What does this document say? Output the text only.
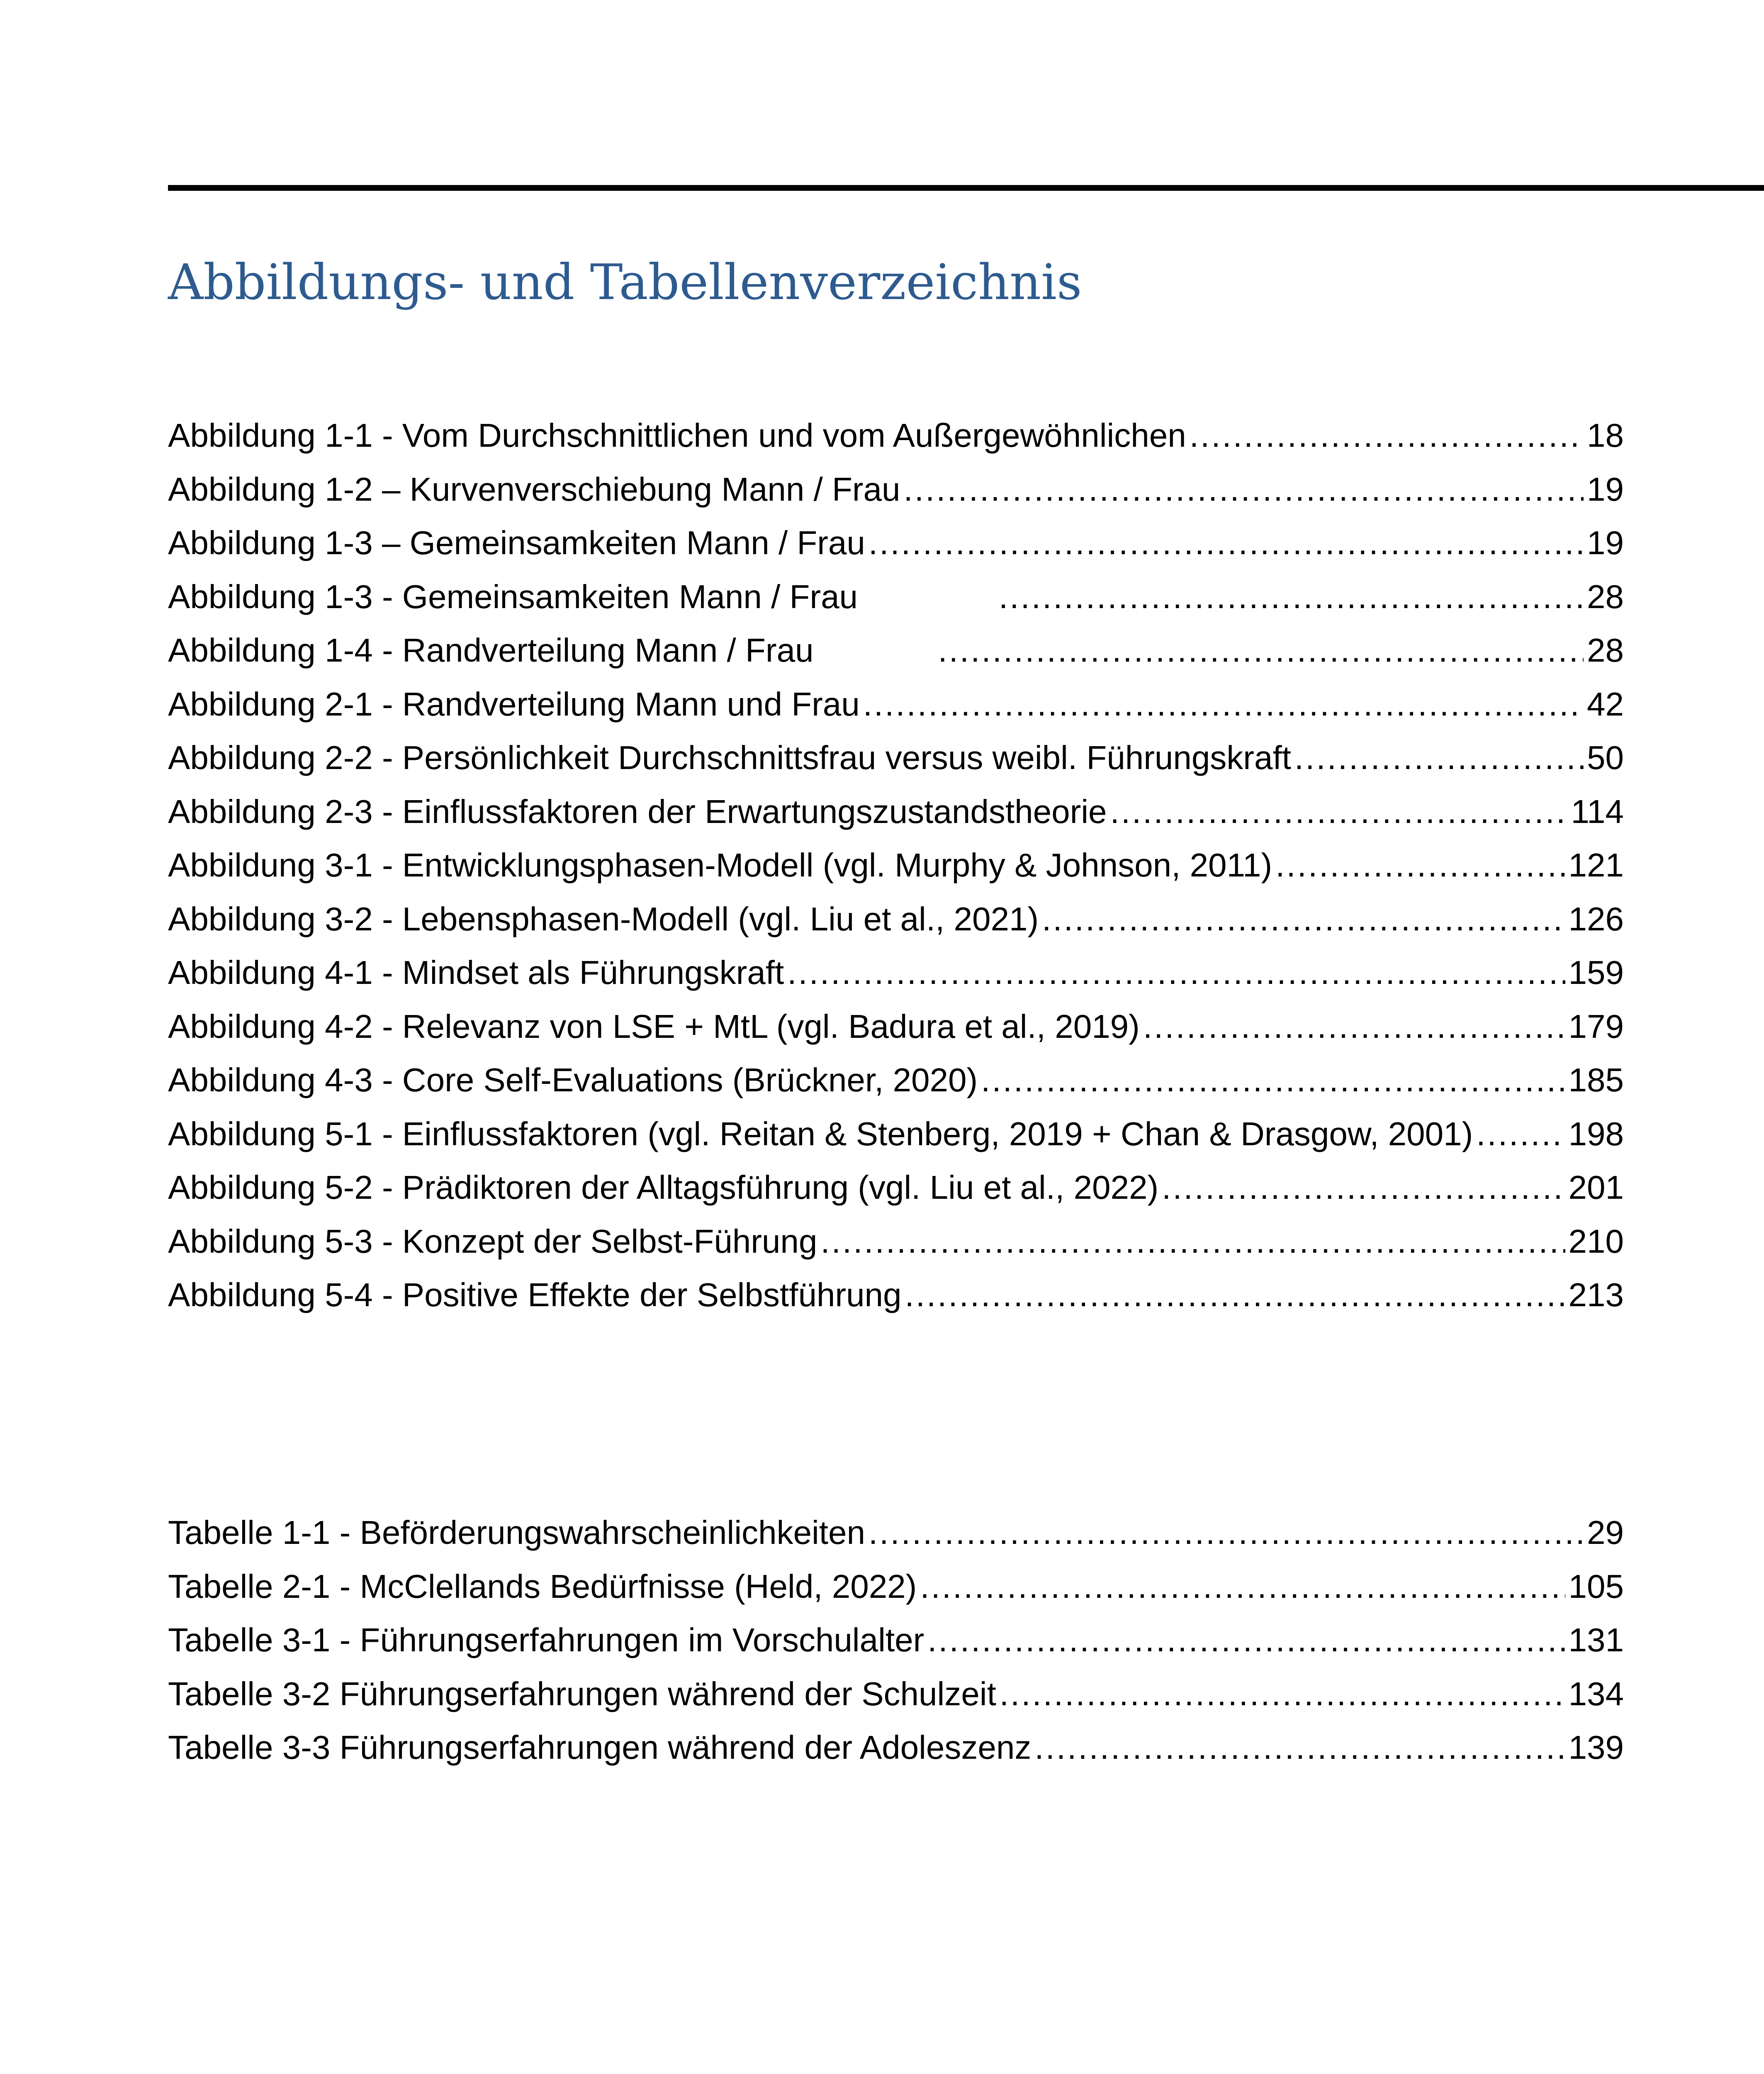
Abbildungs- und Tabellenverzeichnis
Abbildung 1-1 - Vom Durchschnittlichen und vom Außergewöhnlichen .....	18
Abbildung 1-2 – Kurvenverschiebung Mann / Frau .....	19
Abbildung 1-3 – Gemeinsamkeiten Mann / Frau .....	19
Abbildung 1-3 - Gemeinsamkeiten Mann / Frau .....	28
Abbildung 1-4 - Randverteilung Mann / Frau .....	28
Abbildung 2-1 - Randverteilung Mann und Frau .....	42
Abbildung 2-2 - Persönlichkeit Durchschnittsfrau versus weibl. Führungskraft .....	50
Abbildung 2-3 - Einflussfaktoren der Erwartungszustandstheorie .....	114
Abbildung 3-1 - Entwicklungsphasen-Modell (vgl. Murphy & Johnson, 2011) .....	121
Abbildung 3-2 - Lebensphasen-Modell (vgl. Liu et al., 2021) .....	126
Abbildung 4-1 - Mindset als Führungskraft .....	159
Abbildung 4-2 - Relevanz von LSE + MtL (vgl. Badura et al., 2019) .....	179
Abbildung 4-3 - Core Self-Evaluations (Brückner, 2020) .....	185
Abbildung 5-1 - Einflussfaktoren (vgl. Reitan & Stenberg, 2019 + Chan & Drasgow, 2001) .....	198
Abbildung 5-2 - Prädiktoren der Alltagsführung (vgl. Liu et al., 2022) .....	201
Abbildung 5-3 - Konzept der Selbst-Führung .....	210
Abbildung 5-4 - Positive Effekte der Selbstführung .....	213
Tabelle 1-1 - Beförderungswahrscheinlichkeiten .....	29
Tabelle 2-1 - McClellands Bedürfnisse (Held, 2022) .....	105
Tabelle 3-1 - Führungserfahrungen im Vorschulalter .....	131
Tabelle 3-2 Führungserfahrungen während der Schulzeit .....	134
Tabelle 3-3 Führungserfahrungen während der Adoleszenz .....	139
